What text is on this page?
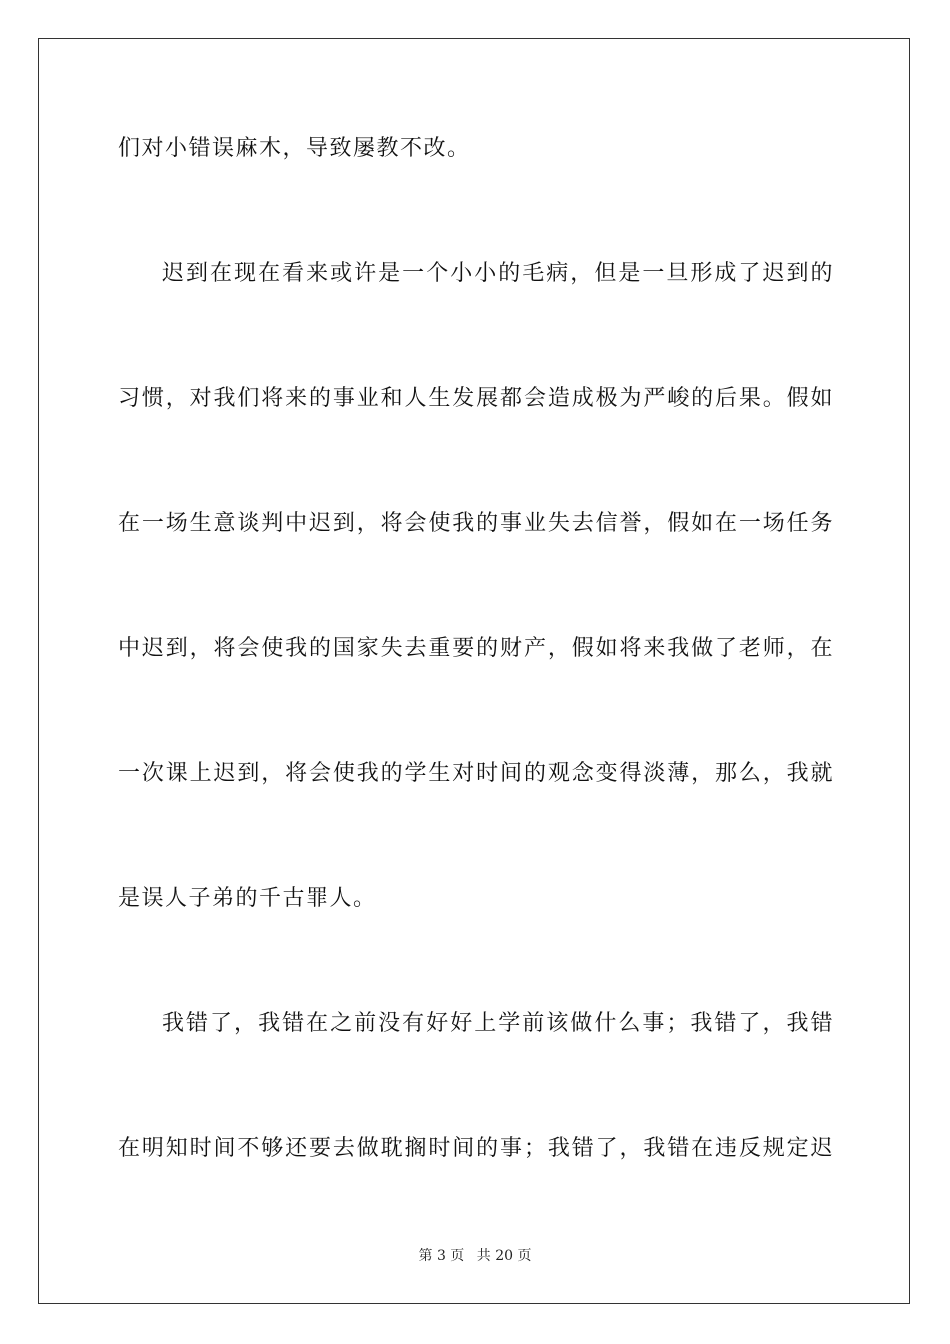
们对小错误麻木，导致屡教不改。
迟到在现在看来或许是一个小小的毛病，但是一旦形成了迟到的
习惯，对我们将来的事业和人生发展都会造成极为严峻的后果。假如
在一场生意谈判中迟到，将会使我的事业失去信誉，假如在一场任务
中迟到，将会使我的国家失去重要的财产，假如将来我做了老师，在
一次课上迟到，将会使我的学生对时间的观念变得淡薄，那么，我就
是误人子弟的千古罪人。
我错了，我错在之前没有好好上学前该做什么事；我错了，我错
在明知时间不够还要去做耽搁时间的事；我错了，我错在违反规定迟
第 3 页 共 20 页
